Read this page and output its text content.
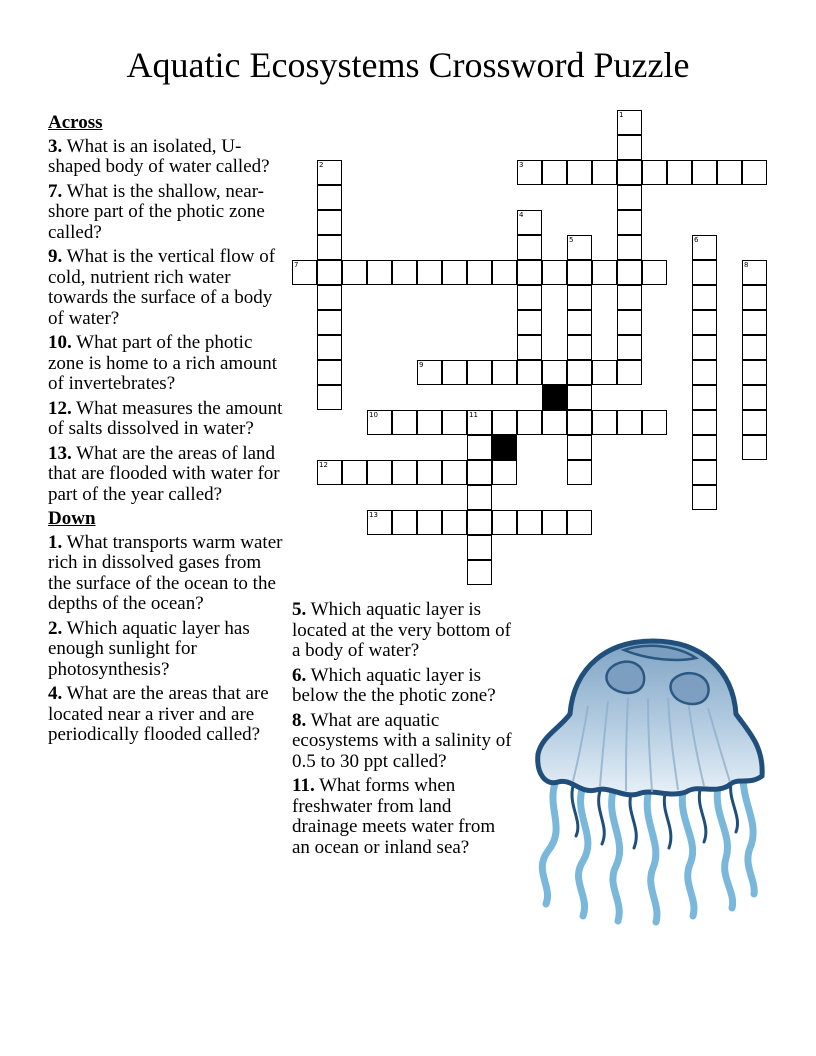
Aquatic Ecosystems Crossword Puzzle
Across
3. What is an isolated, U-shaped body of water called?
7. What is the shallow, near-shore part of the photic zone called?
9. What is the vertical flow of cold, nutrient rich water towards the surface of a body of water?
10. What part of the photic zone is home to a rich amount of invertebrates?
12. What measures the amount of salts dissolved in water?
13. What are the areas of land that are flooded with water for part of the year called?
Down
1. What transports warm water rich in dissolved gases from the surface of the ocean to the depths of the ocean?
2. Which aquatic layer has enough sunlight for photosynthesis?
4. What are the areas that are located near a river and are periodically flooded called?
5. Which aquatic layer is located at the very bottom of a body of water?
6. Which aquatic layer is below the the photic zone?
8. What are aquatic ecosystems with a salinity of 0.5 to 30 ppt called?
11. What forms when freshwater from land drainage meets water from an ocean or inland sea?
1
2	3
4
5	6
7	8
9
10	11
12
13
